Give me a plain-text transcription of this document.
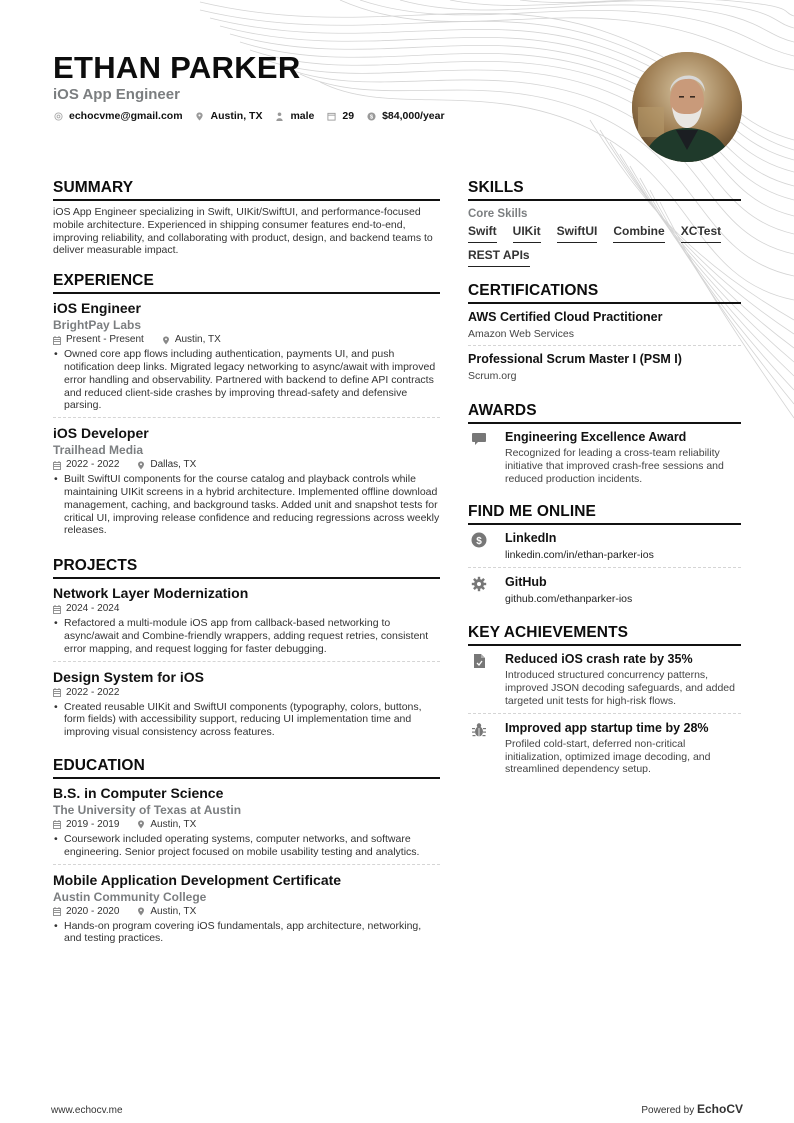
ETHAN PARKER
iOS App Engineer
echocvme@gmail.com	Austin, TX	male	29 $ $84,000/year
SUMMARY

iOS App Engineer specializing in Swift, UIKit/SwiftUI, and performance-focused mobile architecture. Experienced in shipping consumer features end-to-end, improving reliability, and collaborating with product, design, and backend teams to deliver measurable impact.

EXPERIENCE
iOS Engineer
BrightPay Labs
Present - Present	Austin, TX
• Owned core app flows including authentication, payments UI, and push notification deep links. Migrated legacy networking to async/await with improved error handling and observability. Partnered with backend to define API contracts and reduced client-side crashes by improving thread-safety and defensive parsing.
iOS Developer
Trailhead Media
2022 - 2022	Dallas, TX
• Built SwiftUI components for the course catalog and playback controls while maintaining UIKit screens in a hybrid architecture. Implemented offline download management, caching, and background tasks. Added unit and snapshot tests for critical UI, improving release confidence and reducing regressions across weekly releases.
PROJECTS
Network Layer Modernization
2024 - 2024
• Refactored a multi-module iOS app from callback-based networking to async/await and Combine-friendly wrappers, adding request retries, consistent error mapping, and request logging for faster debugging.
Design System for iOS
2022 - 2022
• Created reusable UIKit and SwiftUI components (typography, colors, buttons, form fields) with accessibility support, reducing UI implementation time and improving visual consistency across features.
EDUCATION
B.S. in Computer Science
The University of Texas at Austin
2019 - 2019	Austin, TX
• Coursework included operating systems, computer networks, and software engineering. Senior project focused on mobile usability testing and analytics.
Mobile Application Development Certificate
Austin Community College
2020 - 2020	Austin, TX
• Hands-on program covering iOS fundamentals, app architecture, networking, and testing practices.
SKILLS
Core Skills
Swift UIKit SwiftUI Combine XCTest
REST APIs
CERTIFICATIONS
AWS Certified Cloud Practitioner
Amazon Web Services
Professional Scrum Master I (PSM I)
Scrum.org
AWARDS
Engineering Excellence Award
Recognized for leading a cross-team reliability initiative that improved crash-free sessions and reduced production incidents.
FIND ME ONLINE
$ LinkedIn
linkedin.com/in/ethan-parker-ios
GitHub
github.com/ethanparker-ios
KEY ACHIEVEMENTS
Reduced iOS crash rate by 35%
Introduced structured concurrency patterns, improved JSON decoding safeguards, and added targeted unit tests for high-risk flows.
Improved app startup time by 28%
Profiled cold-start, deferred non-critical initialization, optimized image decoding, and streamlined dependency setup.
www.echocv.me	Powered by EchoCV
